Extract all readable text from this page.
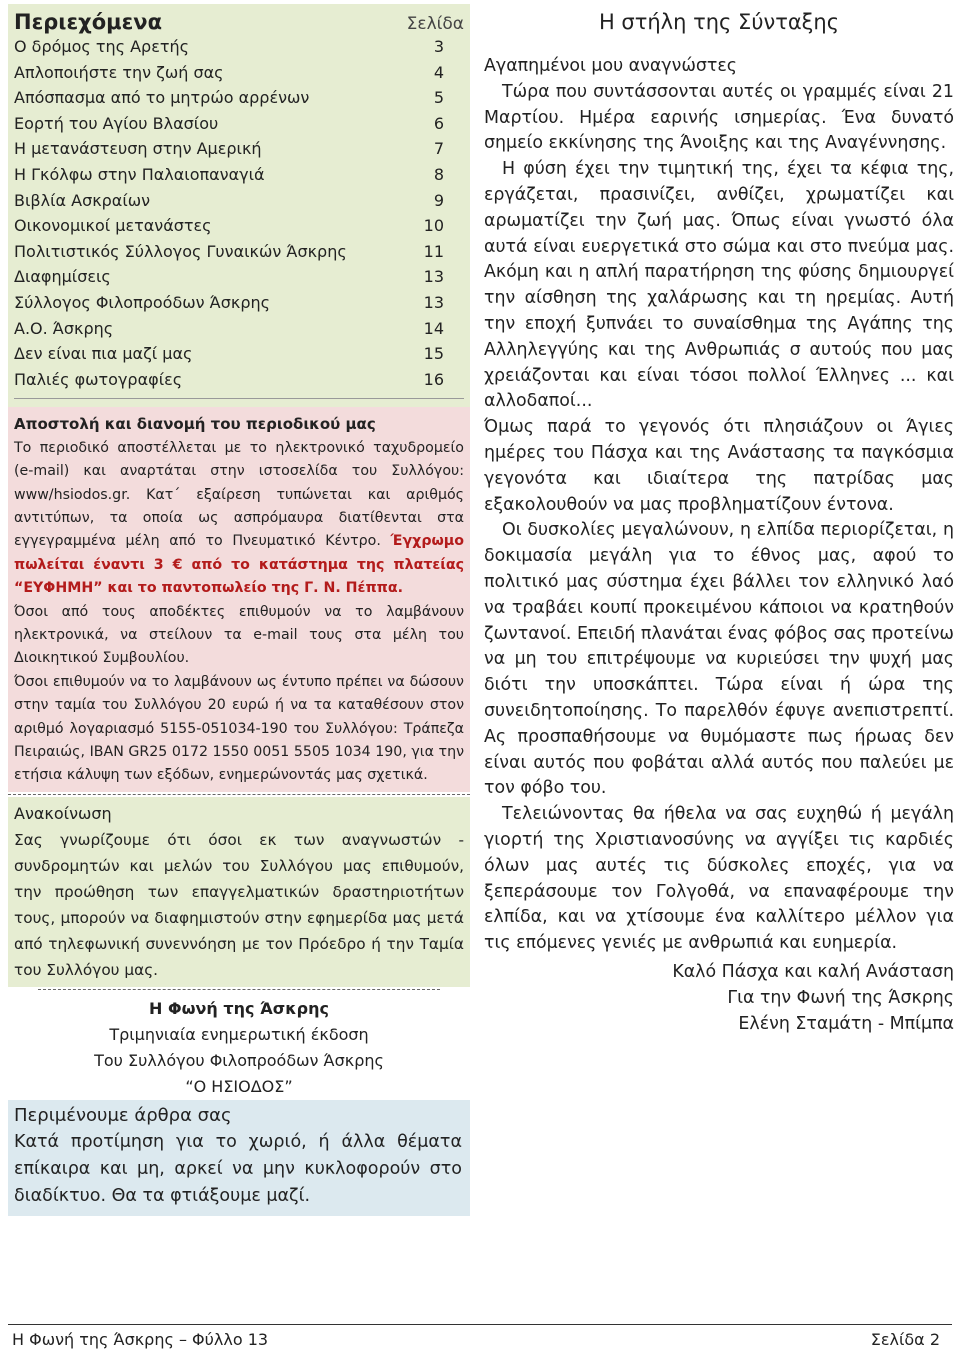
Περιεχόμενα	Σελίδα
Ο δρόμος της Αρετής	3
Απλοποιήστε την ζωή σας	4
Απόσπασμα από το μητρώο αρρένων	5
Εορτή του Αγίου Βλασίου	6
Η μετανάστευση στην Αμερική	7
Η Γκόλφω στην Παλαιοπαναγιά	8
Βιβλία Ασκραίων	9
Οικονομικοί μετανάστες	10
Πολιτιστικός Σύλλογος Γυναικών Άσκρης	11
Διαφημίσεις	13
Σύλλογος Φιλοπροόδων Άσκρης	13
Α.Ο. Άσκρης	14
Δεν είναι πια μαζί μας	15
Παλιές φωτογραφίες	16
Αποστολή και διανομή του περιοδικού μας

Το περιοδικό αποστέλλεται με το ηλεκτρονικό ταχυδρομείο (e-mail) και αναρτάται στην ιστοσελίδα του Συλλόγου: www/hsiodos.gr. Κατ΄ εξαίρεση τυπώνεται και αριθμός αντιτύπων, τα οποία ως ασπρόμαυρα διατίθενται στα εγγεγραμμένα μέλη από το Πνευματικό Κέντρο. Έγχρωμο πωλείται έναντι 3 € από το κατάστημα της πλατείας “ΕΥΦΗΜΗ” και το παντοπωλείο της Γ. Ν. Πέππα.

Όσοι από τους αποδέκτες επιθυμούν να το λαμβάνουν ηλεκτρονικά, να στείλουν τα e-mail τους στα μέλη του Διοικητικού Συμβουλίου.

Όσοι επιθυμούν να το λαμβάνουν ως έντυπο πρέπει να δώσουν στην ταμία του Συλλόγου 20 ευρώ ή να τα καταθέσουν στον αριθμό λογαριασμό 5155-051034-190 του Συλλόγου: Τράπεζα Πειραιώς, IBAN GR25 0172 1550 0051 5505 1034 190, για την ετήσια κάλυψη των εξόδων, ενημερώνοντάς μας σχετικά.

Ανακοίνωση
Σας γνωρίζουμε ότι όσοι εκ των αναγνωστών - συνδρομητών και μελών του Συλλόγου μας επιθυμούν, την προώθηση των επαγγελματικών δραστηριοτήτων τους, μπορούν να διαφημιστούν στην εφημερίδα μας μετά από τηλεφωνική συνεννόηση με τον Πρόεδρο ή την Ταμία του Συλλόγου μας.
Η Φωνή της Άσκρης
Τριμηνιαία ενημερωτική έκδοση
Του Συλλόγου Φιλοπροόδων Άσκρης
“Ο ΗΣΙΟΔΟΣ”
Περιμένουμε άρθρα σας
Κατά προτίμηση για το χωριό, ή άλλα θέματα επίκαιρα και μη, αρκεί να μην κυκλοφορούν στο διαδίκτυο. Θα τα φτιάξουμε μαζί.
Η στήλη της Σύνταξης

Αγαπημένοι μου αναγνώστες

Τώρα που συντάσσονται αυτές οι γραμμές είναι 21 Μαρτίου. Ημέρα εαρινής ισημερίας. Ένα δυνατό σημείο εκκίνησης της Άνοιξης και της Αναγέννησης.

Η φύση έχει την τιμητική της, έχει τα κέφια της, εργάζεται, πρασινίζει, ανθίζει, χρωματίζει και αρωματίζει την ζωή μας. Όπως είναι γνωστό όλα αυτά είναι ευεργετικά στο σώμα και στο πνεύμα μας. Ακόμη και η απλή παρατήρηση της φύσης δημιουργεί την αίσθηση της χαλάρωσης και τη ηρεμίας. Αυτή την εποχή ξυπνάει το συναίσθημα της Αγάπης της Αλληλεγγύης και της Ανθρωπιάς σ αυτούς που μας χρειάζονται και είναι τόσοι πολλοί Έλληνες ... και αλλοδαποί...

Όμως παρά το γεγονός ότι πλησιάζουν οι Άγιες ημέρες του Πάσχα και της Ανάστασης τα παγκόσμια γεγονότα και ιδιαίτερα της πατρίδας μας εξακολουθούν να μας προβληματίζουν έντονα.

Οι δυσκολίες μεγαλώνουν, η ελπίδα περιορίζεται, η δοκιμασία μεγάλη για το έθνος μας, αφού το πολιτικό μας σύστημα έχει βάλλει τον ελληνικό λαό να τραβάει κουπί προκειμένου κάποιοι να κρατηθούν ζωντανοί. Επειδή πλανάται ένας φόβος σας προτείνω να μη του επιτρέψουμε να κυριεύσει την ψυχή μας διότι την υποσκάπτει. Τώρα είναι ή ώρα της συνειδητοποίησης. Το παρελθόν έφυγε ανεπιστρεπτί. Ας προσπαθήσουμε να θυμόμαστε πως ήρωας δεν είναι αυτός που φοβάται αλλά αυτός που παλεύει με τον φόβο του.

Τελειώνοντας θα ήθελα να σας ευχηθώ ή μεγάλη γιορτή της Χριστιανοσύνης να αγγίξει τις καρδιές όλων μας αυτές τις δύσκολες εποχές, για να ξεπεράσουμε τον Γολγοθά, να επαναφέρουμε την ελπίδα, και να χτίσουμε ένα καλλίτερο μέλλον για τις επόμενες γενιές με ανθρωπιά και ευημερία.

Καλό Πάσχα και καλή Ανάσταση
Για την Φωνή της Άσκρης
Ελένη Σταμάτη - Μπίμπα
Η Φωνή της Άσκρης – Φύλλο 13	Σελίδα 2
